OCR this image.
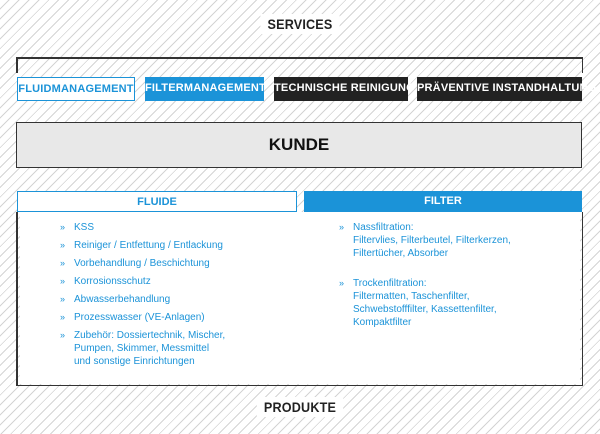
SERVICES
FLUIDMANAGEMENT FILTERMANAGEMENT TECHNISCHE REINIGUNG PRÄVENTIVE INSTANDHALTUNG
KUNDE
FLUIDE	FILTER
» KSS
» Reiniger / Entfettung / Entlackung
» Vorbehandlung / Beschichtung
» Korrosionsschutz
» Abwasserbehandlung
» Prozesswasser (VE-Anlagen)
» Zubehör: Dossiertechnik, Mischer,
Pumpen, Skimmer, Messmittel
und sonstige Einrichtungen
» Nassfiltration:
Filtervlies, Filterbeutel, Filterkerzen,
Filtertücher, Absorber
» Trockenfiltration:
Filtermatten, Taschenfilter,
Schwebstofffilter, Kassettenfilter,
Kompaktfilter
PRODUKTE
